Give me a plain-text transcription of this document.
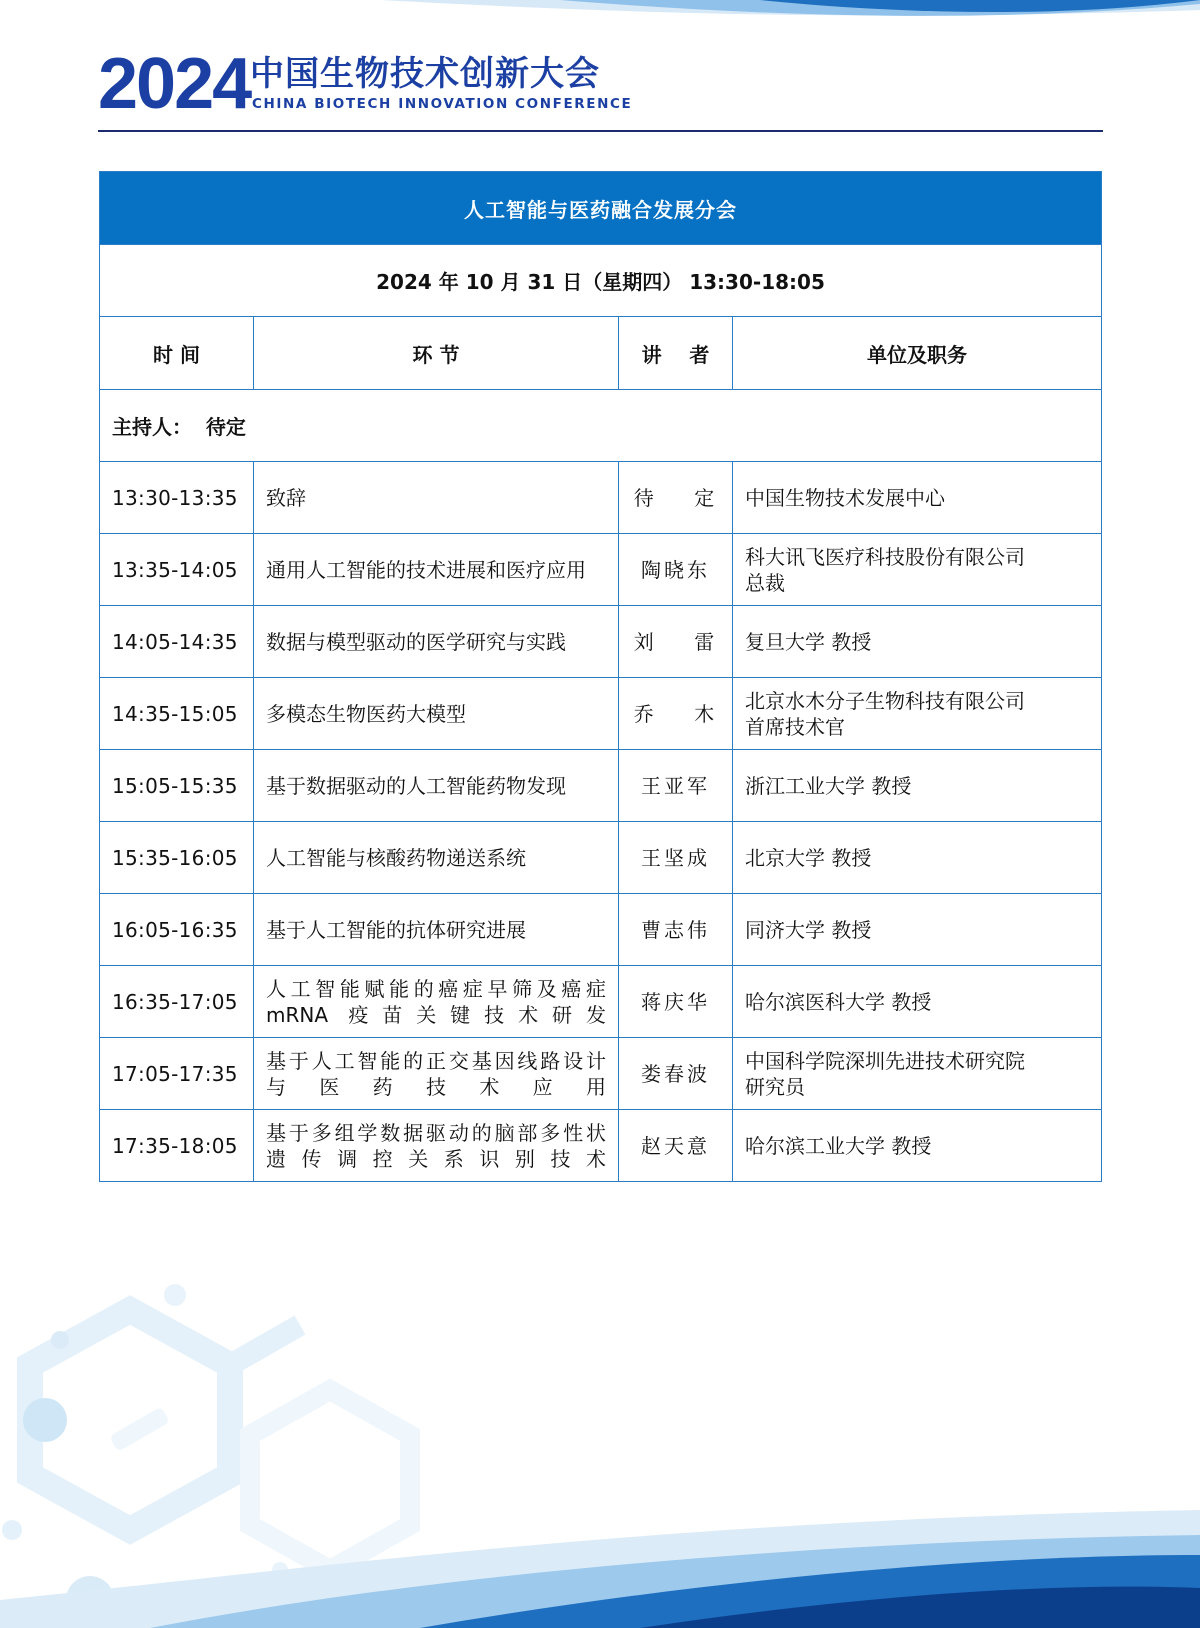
2024 中国生物技术创新大会
CHINA BIOTECH INNOVATION CONFERENCE
人工智能与医药融合发展分会			
2024 年 10 月 31 日（星期四） 13:30-18:05			
时 间	环 节	讲    者	单位及职务
主持人：  待定			
13:30-13:35	致辞	待    定	中国生物技术发展中心
13:35-14:05	通用人工智能的技术进展和医疗应用	陶晓东	科大讯飞医疗科技股份有限公司
总裁
14:05-14:35	数据与模型驱动的医学研究与实践	刘    雷	复旦大学 教授
14:35-15:05	多模态生物医药大模型	乔    木	北京水木分子生物科技有限公司
首席技术官
15:05-15:35	基于数据驱动的人工智能药物发现	王亚军	浙江工业大学 教授
15:35-16:05	人工智能与核酸药物递送系统	王坚成	北京大学 教授
16:05-16:35	基于人工智能的抗体研究进展	曹志伟	同济大学 教授
16:35-17:05	人工智能赋能的癌症早筛及癌症
mRNA 疫苗关键技术研发	蒋庆华	哈尔滨医科大学 教授
17:05-17:35	基于人工智能的正交基因线路设计
与医药技术应用	娄春波	中国科学院深圳先进技术研究院
研究员
17:35-18:05	基于多组学数据驱动的脑部多性状
遗传调控关系识别技术	赵天意	哈尔滨工业大学 教授
